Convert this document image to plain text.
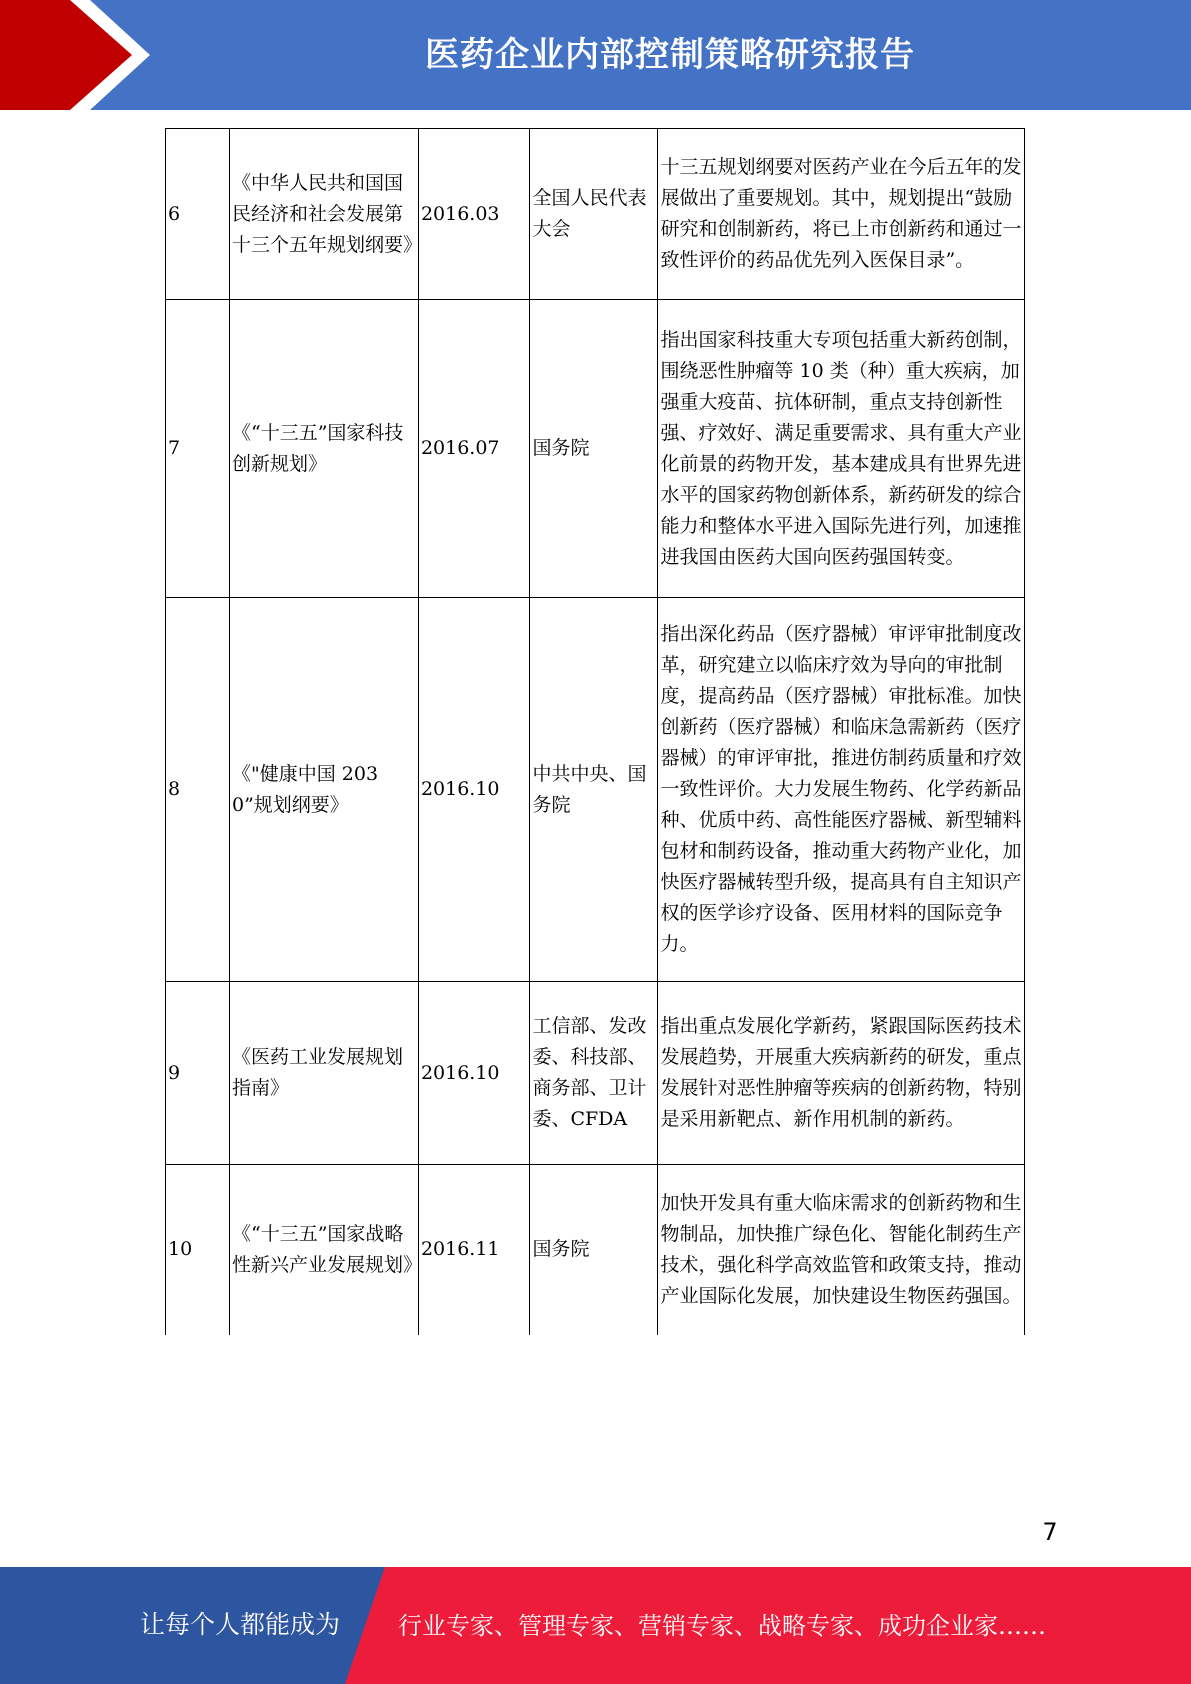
医药企业内部控制策略研究报告
6	《中华人民共和国国民经济和社会发展第十三个五年规划纲要》	2016.03	全国人民代表大会	十三五规划纲要对医药产业在今后五年的发展做出了重要规划。其中，规划提出“鼓励研究和创制新药，将已上市创新药和通过一致性评价的药品优先列入医保目录”。
7	《“十三五”国家科技创新规划》	2016.07	国务院	指出国家科技重大专项包括重大新药创制，围绕恶性肿瘤等 10 类（种）重大疾病，加强重大疫苗、抗体研制，重点支持创新性强、疗效好、满足重要需求、具有重大产业化前景的药物开发，基本建成具有世界先进水平的国家药物创新体系，新药研发的综合能力和整体水平进入国际先进行列，加速推进我国由医药大国向医药强国转变。
8	《"健康中国 2030”规划纲要》	2016.10	中共中央、国务院	指出深化药品（医疗器械）审评审批制度改革，研究建立以临床疗效为导向的审批制度，提高药品（医疗器械）审批标准。加快创新药（医疗器械）和临床急需新药（医疗器械）的审评审批，推进仿制药质量和疗效一致性评价。大力发展生物药、化学药新品种、优质中药、高性能医疗器械、新型辅料包材和制药设备，推动重大药物产业化，加快医疗器械转型升级，提高具有自主知识产权的医学诊疗设备、医用材料的国际竞争力。
9	《医药工业发展规划指南》	2016.10	工信部、发改委、科技部、商务部、卫计委、CFDA	指出重点发展化学新药，紧跟国际医药技术发展趋势，开展重大疾病新药的研发，重点发展针对恶性肿瘤等疾病的创新药物，特别是采用新靶点、新作用机制的新药。
10	《“十三五”国家战略性新兴产业发展规划》	2016.11	国务院	加快开发具有重大临床需求的创新药物和生物制品，加快推广绿色化、智能化制药生产技术，强化科学高效监管和政策支持，推动产业国际化发展，加快建设生物医药强国。
7
让每个人都能成为 行业专家、管理专家、营销专家、战略专家、成功企业家……
